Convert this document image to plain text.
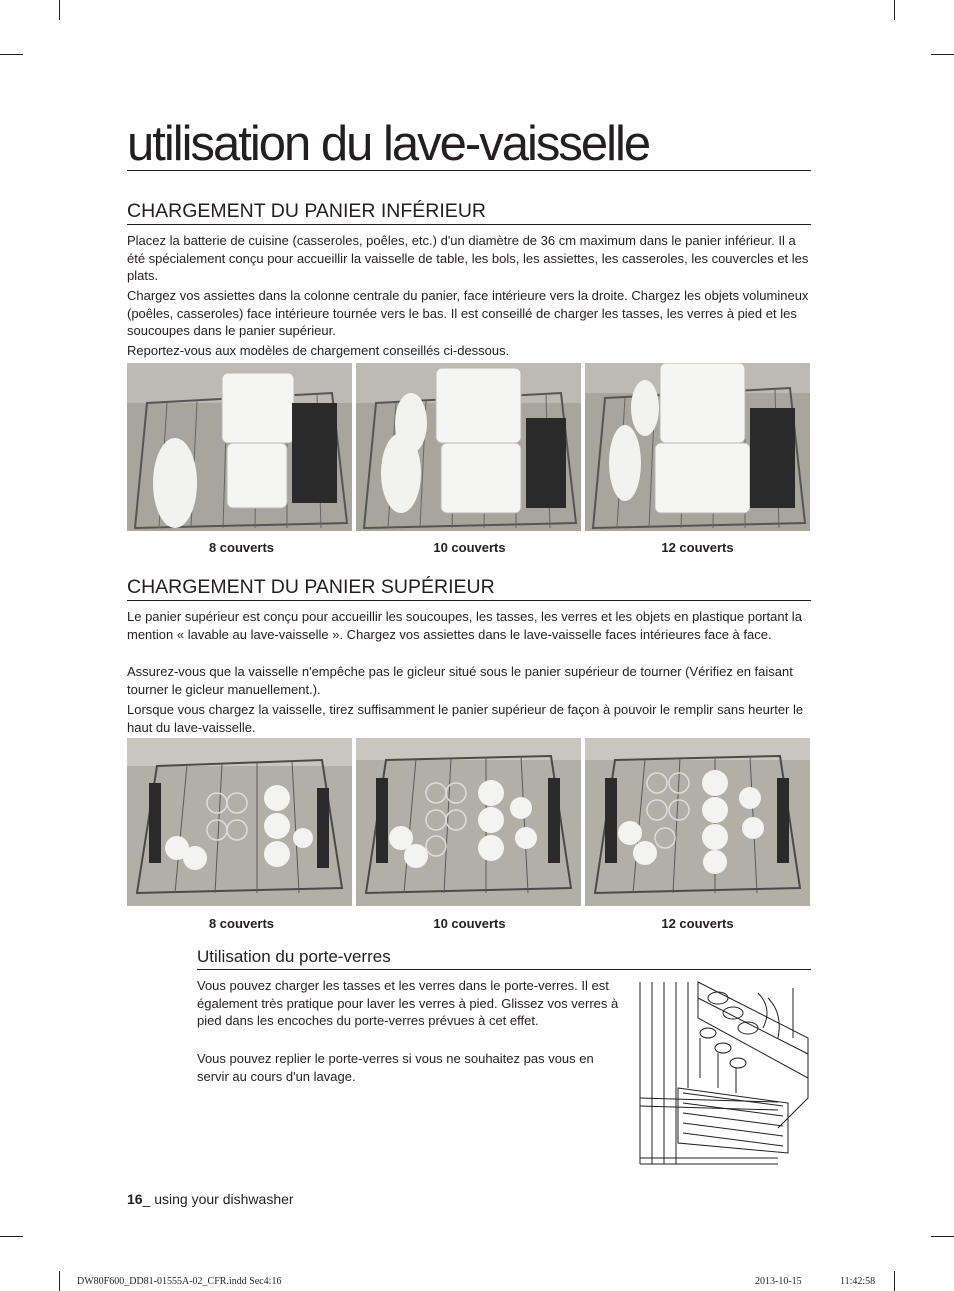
utilisation du lave-vaisselle
CHARGEMENT DU PANIER INFÉRIEUR

Placez la batterie de cuisine (casseroles, poêles, etc.) d'un diamètre de 36 cm maximum dans le panier inférieur. Il a été spécialement conçu pour accueillir la vaisselle de table, les bols, les assiettes, les casseroles, les couvercles et les plats.

Chargez vos assiettes dans la colonne centrale du panier, face intérieure vers la droite. Chargez les objets volumineux (poêles, casseroles) face intérieure tournée vers le bas. Il est conseillé de charger les tasses, les verres à pied et les soucoupes dans le panier supérieur.

Reportez-vous aux modèles de chargement conseillés ci-dessous.

8 couverts	10 couverts	12 couverts
CHARGEMENT DU PANIER SUPÉRIEUR

Le panier supérieur est conçu pour accueillir les soucoupes, les tasses, les verres et les objets en plastique portant la mention « lavable au lave-vaisselle ». Chargez vos assiettes dans le lave-vaisselle faces intérieures face à face.

Assurez-vous que la vaisselle n'empêche pas le gicleur situé sous le panier supérieur de tourner (Vérifiez en faisant tourner le gicleur manuellement.).

Lorsque vous chargez la vaisselle, tirez suffisamment le panier supérieur de façon à pouvoir le remplir sans heurter le haut du lave-vaisselle.

8 couverts	10 couverts	12 couverts
Utilisation du porte-verres

Vous pouvez charger les tasses et les verres dans le porte-verres. Il est également très pratique pour laver les verres à pied. Glissez vos verres à pied dans les encoches du porte-verres prévues à cet effet.

Vous pouvez replier le porte-verres si vous ne souhaitez pas vous en servir au cours d'un lavage.

16_ using your dishwasher
DW80F600_DD81-01555A-02_CFR.indd Sec4:16	2013-10-15	11:42:58
